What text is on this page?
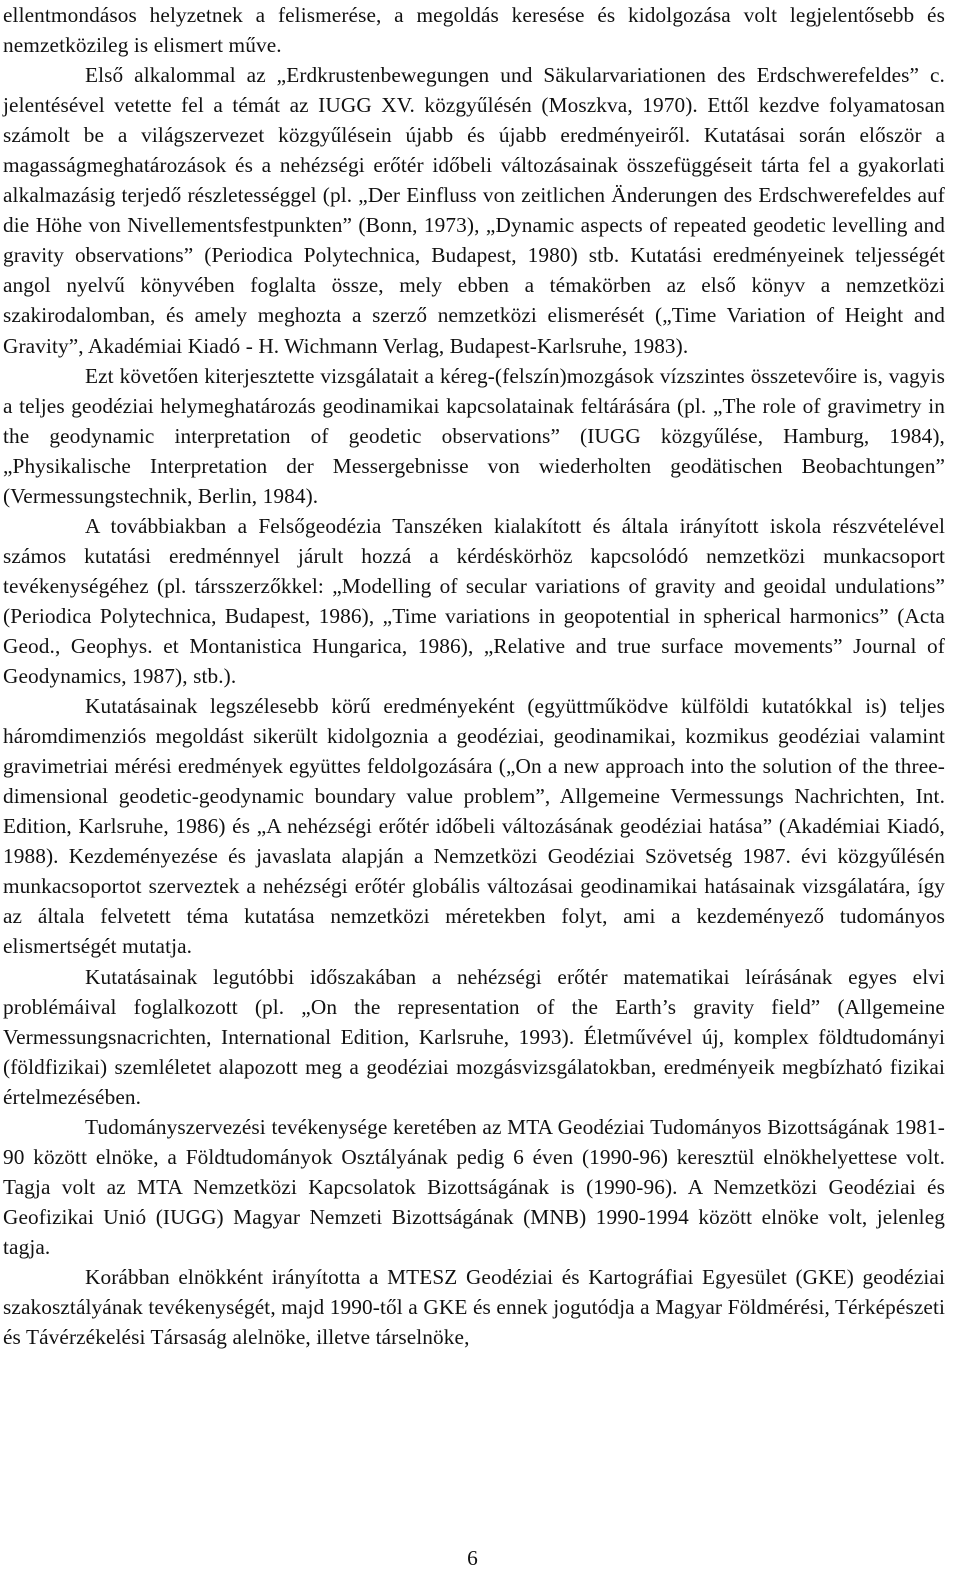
ellentmondásos helyzetnek a felismerése, a megoldás keresése és kidolgozása volt legjelentősebb és nemzetközileg is elismert műve.

Első alkalommal az „Erdkrustenbewegungen und Säkularvariationen des Erdschwerefeldes” c. jelentésével vetette fel a témát az IUGG XV. közgyűlésén (Moszkva, 1970). Ettől kezdve folyamatosan számolt be a világszervezet közgyűlésein újabb és újabb eredményeiről. Kutatásai során először a magasságmeghatározások és a nehézségi erőtér időbeli változásainak összefüggéseit tárta fel a gyakorlati alkalmazásig terjedő részletességgel (pl. „Der Einfluss von zeitlichen Änderungen des Erdschwerefeldes auf die Höhe von Nivellementsfestpunkten” (Bonn, 1973), „Dynamic aspects of repeated geodetic levelling and gravity observations” (Periodica Polytechnica, Budapest, 1980) stb. Kutatási eredményeinek teljességét angol nyelvű könyvében foglalta össze, mely ebben a témakörben az első könyv a nemzetközi szakirodalomban, és amely meghozta a szerző nemzetközi elismerését („Time Variation of Height and Gravity”, Akadémiai Kiadó - H. Wichmann Verlag, Budapest-Karlsruhe, 1983).

Ezt követően kiterjesztette vizsgálatait a kéreg-(felszín)mozgások vízszintes összetevőire is, vagyis a teljes geodéziai helymeghatározás geodinamikai kapcsolatainak feltárására (pl. „The role of gravimetry in the geodynamic interpretation of geodetic observations” (IUGG közgyűlése, Hamburg, 1984), „Physikalische Interpretation der Messergebnisse von wiederholten geodätischen Beobachtungen” (Vermessungstechnik, Berlin, 1984).

A továbbiakban a Felsőgeodézia Tanszéken kialakított és általa irányított iskola részvételével számos kutatási eredménnyel járult hozzá a kérdéskörhöz kapcsolódó nemzetközi munkacsoport tevékenységéhez (pl. társszerzőkkel: „Modelling of secular variations of gravity and geoidal undulations” (Periodica Polytechnica, Budapest, 1986), „Time variations in geopotential in spherical harmonics” (Acta Geod., Geophys. et Montanistica Hungarica, 1986), „Relative and true surface movements” Journal of Geodynamics, 1987), stb.).

Kutatásainak legszélesebb körű eredményeként (együttműködve külföldi kutatókkal is) teljes háromdimenziós megoldást sikerült kidolgoznia a geodéziai, geodinamikai, kozmikus geodéziai valamint gravimetriai mérési eredmények együttes feldolgozására („On a new approach into the solution of the three-dimensional geodetic-geodynamic boundary value problem”, Allgemeine Vermessungs Nachrichten, Int. Edition, Karlsruhe, 1986) és „A nehézségi erőtér időbeli változásának geodéziai hatása” (Akadémiai Kiadó, 1988). Kezdeményezése és javaslata alapján a Nemzetközi Geodéziai Szövetség 1987. évi közgyűlésén munkacsoportot szerveztek a nehézségi erőtér globális változásai geodinamikai hatásainak vizsgálatára, így az általa felvetett téma kutatása nemzetközi méretekben folyt, ami a kezdeményező tudományos elismertségét mutatja.

Kutatásainak legutóbbi időszakában a nehézségi erőtér matematikai leírásának egyes elvi problémáival foglalkozott (pl. „On the representation of the Earth’s gravity field” (Allgemeine Vermessungsnacrichten, International Edition, Karlsruhe, 1993). Életművével új, komplex földtudományi (földfizikai) szemléletet alapozott meg a geodéziai mozgásvizsgálatokban, eredményeik megbízható fizikai értelmezésében.

Tudományszervezési tevékenysége keretében az MTA Geodéziai Tudományos Bizottságának 1981-90 között elnöke, a Földtudományok Osztályának pedig 6 éven (1990-96) keresztül elnökhelyettese volt. Tagja volt az MTA Nemzetközi Kapcsolatok Bizottságának is (1990-96). A Nemzetközi Geodéziai és Geofizikai Unió (IUGG) Magyar Nemzeti Bizottságának (MNB) 1990-1994 között elnöke volt, jelenleg tagja.

Korábban elnökként irányította a MTESZ Geodéziai és Kartográfiai Egyesület (GKE) geodéziai szakosztályának tevékenységét, majd 1990-től a GKE és ennek jogutódja a Magyar Földmérési, Térképészeti és Távérzékelési Társaság alelnöke, illetve társelnöke,

6
